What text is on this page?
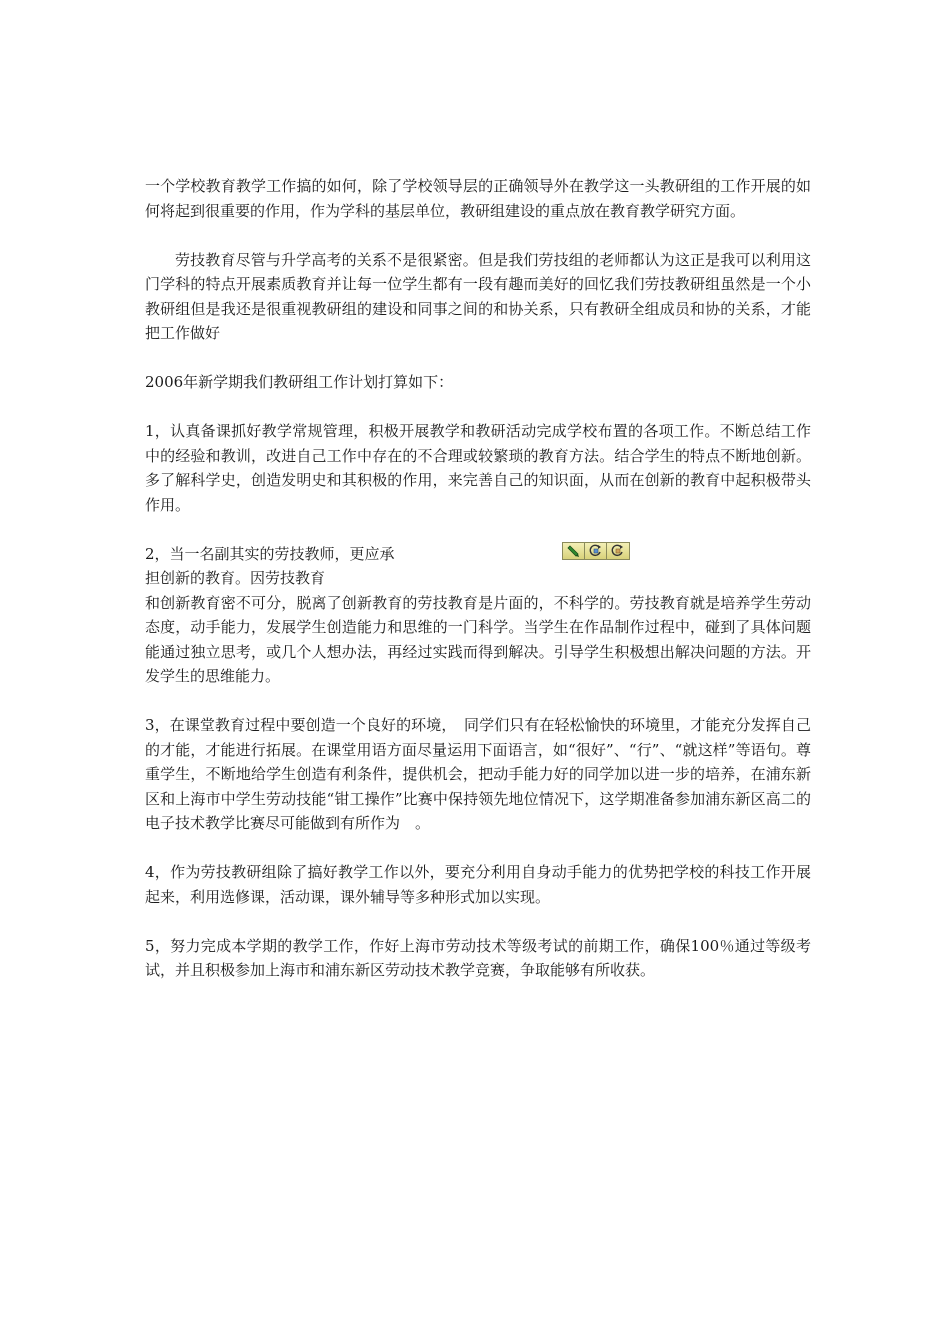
一个学校教育教学工作搞的如何，除了学校领导层的正确领导外在教学这一头教研组的工作开展的如何将起到很重要的作用，作为学科的基层单位，教研组建设的重点放在教育教学研究方面。

劳技教育尽管与升学高考的关系不是很紧密。但是我们劳技组的老师都认为这正是我可以利用这门学科的特点开展素质教育并让每一位学生都有一段有趣而美好的回忆我们劳技教研组虽然是一个小教研组但是我还是很重视教研组的建设和同事之间的和协关系，只有教研全组成员和协的关系，才能把工作做好

2006年新学期我们教研组工作计划打算如下：

1，认真备课抓好教学常规管理，积极开展教学和教研活动完成学校布置的各项工作。不断总结工作中的经验和教训，改进自己工作中存在的不合理或较繁琐的教育方法。结合学生的特点不断地创新。多了解科学史，创造发明史和其积极的作用，来完善自己的知识面，从而在创新的教育中起积极带头作用。

2，当一名副其实的劳技教师，更应承担创新的教育。因劳技教育
和创新教育密不可分，脱离了创新教育的劳技教育是片面的，不科学的。劳技教育就是培养学生劳动态度，动手能力，发展学生创造能力和思维的一门科学。当学生在作品制作过程中，碰到了具体问题能通过独立思考，或几个人想办法，再经过实践而得到解决。引导学生积极想出解决问题的方法。开发学生的思维能力。

3，在课堂教育过程中要创造一个良好的环境，　同学们只有在轻松愉快的环境里，才能充分发挥自己的才能，才能进行拓展。在课堂用语方面尽量运用下面语言，如“很好”、“行”、“就这样”等语句。尊重学生，不断地给学生创造有利条件，提供机会，把动手能力好的同学加以进一步的培养，在浦东新区和上海市中学生劳动技能“钳工操作”比赛中保持领先地位情况下，这学期准备参加浦东新区高二的电子技术教学比赛尽可能做到有所作为　。

4，作为劳技教研组除了搞好教学工作以外，要充分利用自身动手能力的优势把学校的科技工作开展起来，利用选修课，活动课，课外辅导等多种形式加以实现。

5，努力完成本学期的教学工作，作好上海市劳动技术等级考试的前期工作，确保100％通过等级考试，并且积极参加上海市和浦东新区劳动技术教学竞赛，争取能够有所收获。
